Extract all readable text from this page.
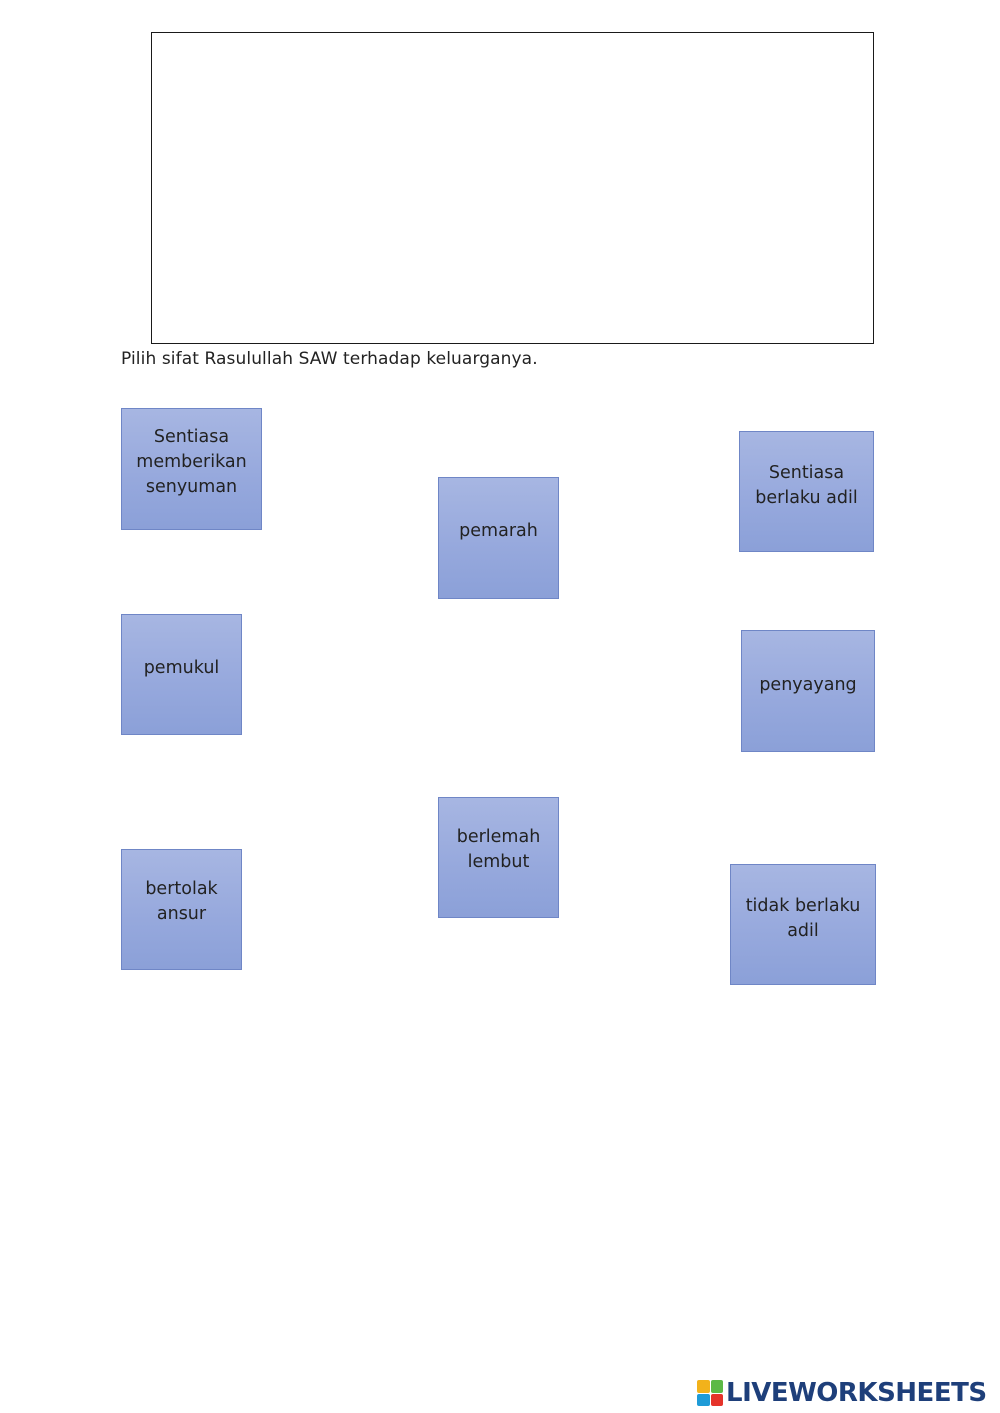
Pilih sifat Rasulullah SAW terhadap keluarganya.
Sentiasa
memberikan
senyuman
pemarah
Sentiasa
berlaku adil
pemukul
penyayang
berlemah
lembut
bertolak
ansur	tidak berlaku
adil
LIVEWORKSHEETS
